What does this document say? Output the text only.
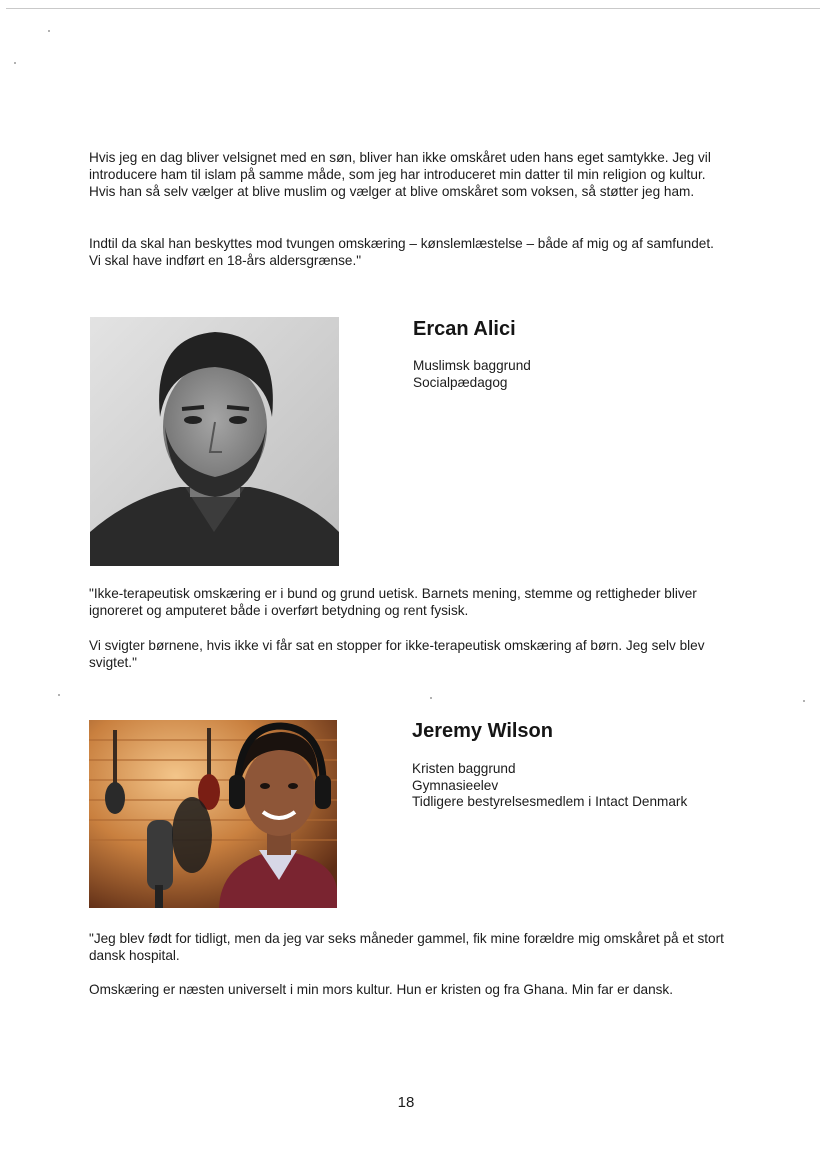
Hvis jeg en dag bliver velsignet med en søn, bliver han ikke omskåret uden hans eget samtykke. Jeg vil introducere ham til islam på samme måde, som jeg har introduceret min datter til min religion og kultur. Hvis han så selv vælger at blive muslim og vælger at blive omskåret som voksen, så støtter jeg ham.

Indtil da skal han beskyttes mod tvungen omskæring – kønslemlæstelse – både af mig og af samfundet. Vi skal have indført en 18-års aldersgrænse."

Ercan Alici
Muslimsk baggrund
Socialpædagog

"Ikke-terapeutisk omskæring er i bund og grund uetisk. Barnets mening, stemme og rettigheder bliver ignoreret og amputeret både i overført betydning og rent fysisk.

Vi svigter børnene, hvis ikke vi får sat en stopper for ikke-terapeutisk omskæring af børn. Jeg selv blev svigtet."

Jeremy Wilson
Kristen baggrund
Gymnasieelev
Tidligere bestyrelsesmedlem i Intact Denmark

"Jeg blev født for tidligt, men da jeg var seks måneder gammel, fik mine forældre mig omskåret på et stort dansk hospital.

Omskæring er næsten universelt i min mors kultur. Hun er kristen og fra Ghana. Min far er dansk.

18
